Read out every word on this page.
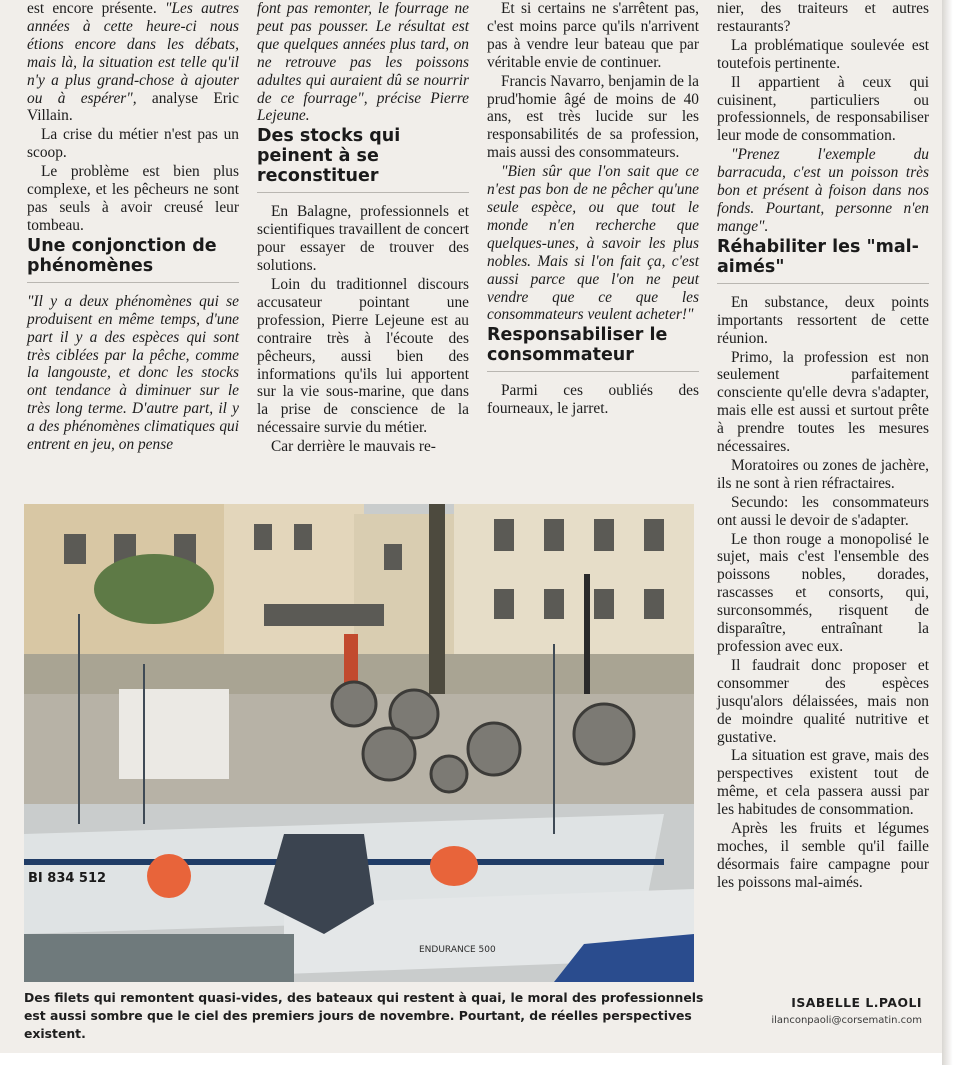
est encore présente. "Les autres années à cette heure-ci nous étions encore dans les débats, mais là, la situation est telle qu'il n'y a plus grand-chose à ajouter ou à espérer", analyse Eric Villain.

La crise du métier n'est pas un scoop.

Le problème est bien plus complexe, et les pêcheurs ne sont pas seuls à avoir creusé leur tombeau.

Une conjonction de phénomènes

"Il y a deux phénomènes qui se produisent en même temps, d'une part il y a des espèces qui sont très ciblées par la pêche, comme la langouste, et donc les stocks ont tendance à diminuer sur le très long terme. D'autre part, il y a des phénomènes climatiques qui entrent en jeu, on pense

font pas remonter, le fourrage ne peut pas pousser. Le résultat est que quelques années plus tard, on ne retrouve pas les poissons adultes qui auraient dû se nourrir de ce fourrage", précise Pierre Lejeune.

Des stocks qui peinent à se reconstituer

En Balagne, professionnels et scientifiques travaillent de concert pour essayer de trouver des solutions.

Loin du traditionnel discours accusateur pointant une profession, Pierre Lejeune est au contraire très à l'écoute des pêcheurs, aussi bien des informations qu'ils lui apportent sur la vie sous-marine, que dans la prise de conscience de la nécessaire survie du métier.

Car derrière le mauvais re-

Et si certains ne s'arrêtent pas, c'est moins parce qu'ils n'arrivent pas à vendre leur bateau que par véritable envie de continuer.

Francis Navarro, benjamin de la prud'homie âgé de moins de 40 ans, est très lucide sur les responsabilités de sa profession, mais aussi des consommateurs.

"Bien sûr que l'on sait que ce n'est pas bon de ne pêcher qu'une seule espèce, ou que tout le monde n'en recherche que quelques-unes, à savoir les plus nobles. Mais si l'on fait ça, c'est aussi parce que l'on ne peut vendre que ce que les consommateurs veulent acheter!"

Responsabiliser le consommateur

Parmi ces oubliés des fourneaux, le jarret.

nier, des traiteurs et autres restaurants?

La problématique soulevée est toutefois pertinente.

Il appartient à ceux qui cuisinent, particuliers ou professionnels, de responsabiliser leur mode de consommation.

"Prenez l'exemple du barracuda, c'est un poisson très bon et présent à foison dans nos fonds. Pourtant, personne n'en mange".

Réhabiliter les "mal-aimés"

En substance, deux points importants ressortent de cette réunion.

Primo, la profession est non seulement parfaitement consciente qu'elle devra s'adapter, mais elle est aussi et surtout prête à prendre toutes les mesures nécessaires.

Moratoires ou zones de jachère, ils ne sont à rien réfractaires.

Secundo: les consommateurs ont aussi le devoir de s'adapter.

Le thon rouge a monopolisé le sujet, mais c'est l'ensemble des poissons nobles, dorades, rascasses et consorts, qui, surconsommés, risquent de disparaître, entraînant la profession avec eux.

Il faudrait donc proposer et consommer des espèces jusqu'alors délaissées, mais non de moindre qualité nutritive et gustative.

La situation est grave, mais des perspectives existent tout de même, et cela passera aussi par les habitudes de consommation.

Après les fruits et légumes moches, il semble qu'il faille désormais faire campagne pour les poissons mal-aimés.

BI 834 512
ENDURANCE 500
Des filets qui remontent quasi-vides, des bateaux qui restent à quai, le moral des professionnels est aussi sombre que le ciel des premiers jours de novembre. Pourtant, de réelles perspectives existent.
ISABELLE L.PAOLI
ilanconpaoli@corsematin.com
